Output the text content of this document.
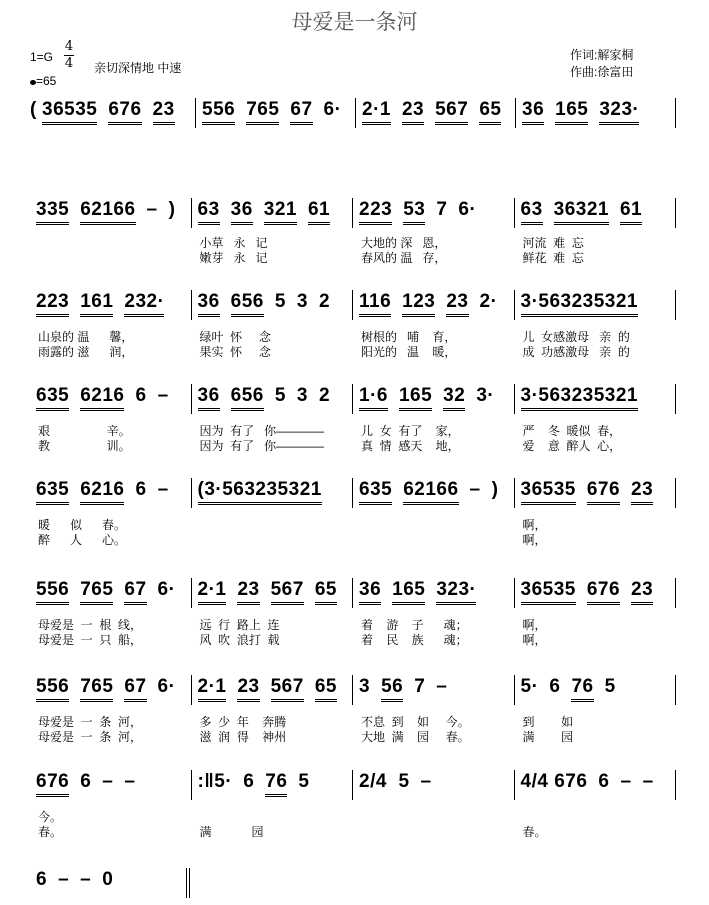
母爱是一条河
1=G
4
4
=65
亲切深情地 中速
作词:解家桐
作曲:徐富田
( 36535 676 23 556 765 67 6· 2·1 23 567 65 36 165 323·
335 62166 – ) 63 36 321 61 223 53 7 6· 63 36321 61
小草   永   记	大地的 深   恩，	河流  难  忘
嫩芽   永   记	春风的 温   存，	鲜花  难  忘
223 161 232· 36 656 5 3 2 116 123 23 2· 3·563235321
山泉的 温      馨，	绿叶  怀     念	树根的   哺    育，	儿  女感激母   亲  的
雨露的 滋      润，	果实  怀     念	阳光的   温    暖，	成  功感激母   亲  的
635 6216 6 – 36 656 5 3 2 1·6 165 32 3· 3·563235321
艰                 辛。	因为  有了   你————	儿  女  有了    家，	严    冬  暖似  春，
教                 训。	因为  有了   你————	真  情  感天    地，	爱    意  醉人  心，
635 6216 6 – (3·563235321 635 62166 – ) 36535 676 23
暖      似      春。	啊，
醉      人      心。	啊，
556 765 67 6· 2·1 23 567 65 36 165 323· 36535 676 23
母爱是  一  根  线，	远  行  路上  连	着    游    子      魂；	啊，
母爱是  一  只  船，	风  吹  浪打  载	着    民    族      魂；	啊，
556 765 67 6· 2·1 23 567 65 3 56 7 –	5· 6 76 5
母爱是  一  条  河，	多  少  年    奔腾	不息  到    如     今。	到        如
母爱是  一  条  河，	滋  润  得    神州	大地  满    园     春。	满        园
676 6 – –	:‖5· 6 76 5	2/4  5 –	4/4 676 6 – –
今。
春。	满            园	春。
6 – – 0
